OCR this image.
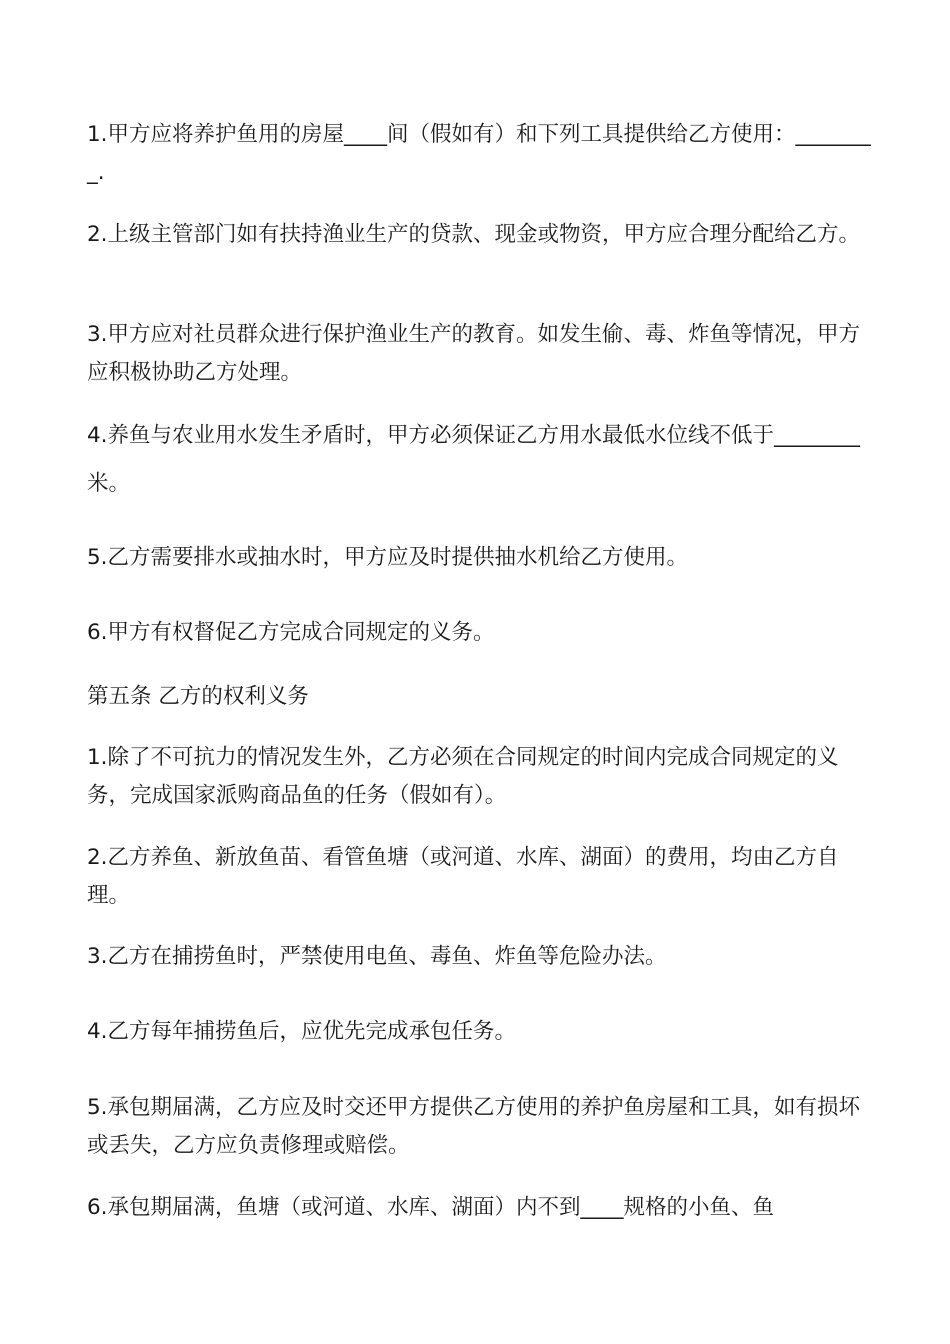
1.甲方应将养护鱼用的房屋____间（假如有）和下列工具提供给乙方使用：________.

2.上级主管部门如有扶持渔业生产的贷款、现金或物资，甲方应合理分配给乙方。

3.甲方应对社员群众进行保护渔业生产的教育。如发生偷、毒、炸鱼等情况，甲方应积极协助乙方处理。

4.养鱼与农业用水发生矛盾时，甲方必须保证乙方用水最低水位线不低于________米。

5.乙方需要排水或抽水时，甲方应及时提供抽水机给乙方使用。

6.甲方有权督促乙方完成合同规定的义务。

第五条 乙方的权利义务

1.除了不可抗力的情况发生外，乙方必须在合同规定的时间内完成合同规定的义务，完成国家派购商品鱼的任务（假如有）。

2.乙方养鱼、新放鱼苗、看管鱼塘（或河道、水库、湖面）的费用，均由乙方自理。

3.乙方在捕捞鱼时，严禁使用电鱼、毒鱼、炸鱼等危险办法。

4.乙方每年捕捞鱼后，应优先完成承包任务。

5.承包期届满，乙方应及时交还甲方提供乙方使用的养护鱼房屋和工具，如有损坏或丢失，乙方应负责修理或赔偿。

6.承包期届满，鱼塘（或河道、水库、湖面）内不到____规格的小鱼、鱼
